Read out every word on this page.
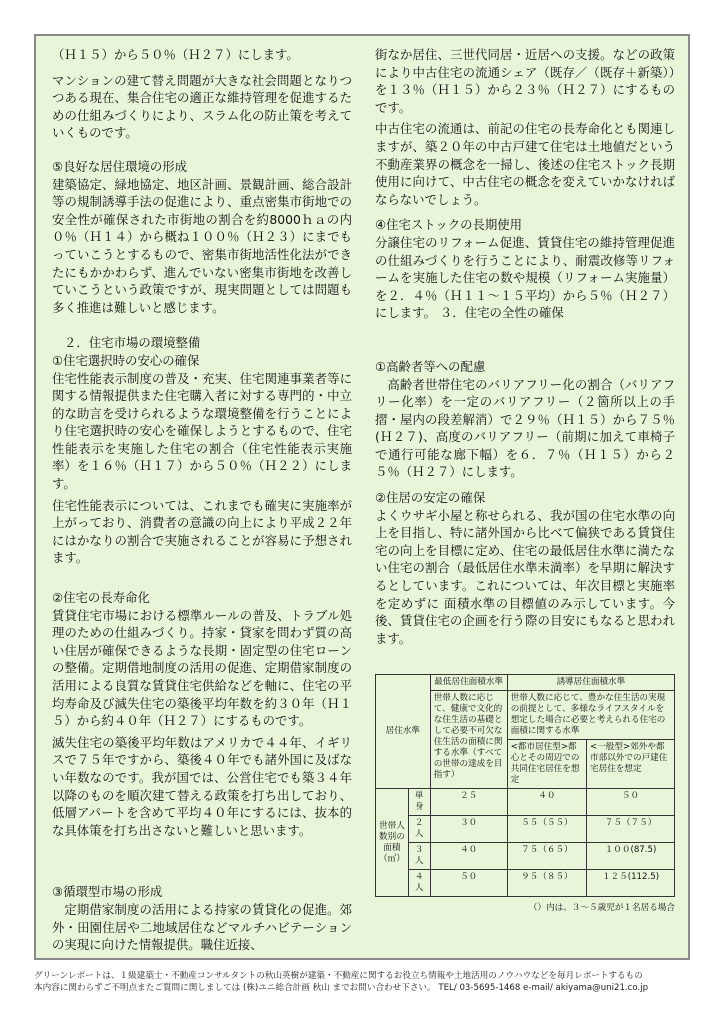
（Ｈ１５）から５０％（Ｈ２７）にします。

マンションの建て替え問題が大きな社会問題となりつつある現在、集合住宅の適正な維持管理を促進するための仕組みづくりにより、スラム化の防止策を考えていくものです。

⑤良好な居住環境の形成

建築協定、緑地協定、地区計画、景観計画、総合設計等の規制誘導手法の促進により、重点密集市街地での安全性が確保された市街地の割合を約8000ｈａの内０％（Ｈ１４）から概ね１００％（Ｈ２３）にまでもっていこうとするもので、密集市街地活性化法ができたにもかかわらず、進んでいない密集市街地を改善していこうという政策ですが、現実問題としては問題も多く推進は難しいと感じます。

２．住宅市場の環境整備
①住宅選択時の安心の確保

住宅性能表示制度の普及・充実、住宅関連事業者等に関する情報提供また住宅購入者に対する専門的・中立的な助言を受けられるような環境整備を行うことにより住宅選択時の安心を確保しようとするもので、住宅性能表示を実施した住宅の割合（住宅性能表示実施率）を１６％（Ｈ１７）から５０％（Ｈ２２）にします。

住宅性能表示については、これまでも確実に実施率が上がっており、消費者の意識の向上により平成２２年にはかなりの割合で実施されることが容易に予想されます。

②住宅の長寿命化

賃貸住宅市場における標準ルールの普及、トラブル処理のための仕組みづくり。持家・貸家を問わず質の高い住居が確保できるような長期・固定型の住宅ローンの整備。定期借地制度の活用の促進、定期借家制度の活用による良質な賃貸住宅供給などを軸に、住宅の平均寿命及び滅失住宅の築後平均年数を約３０年（Ｈ１５）から約４０年（Ｈ２７）にするものです。

滅失住宅の築後平均年数はアメリカで４４年、イギリスで７５年ですから、築後４０年でも諸外国に及ばない年数なのです。我が国では、公営住宅でも築３４年以降のものを順次建て替える政策を打ち出しており、低層アパートを含めて平均４０年にするには、抜本的な具体策を打ち出さないと難しいと思います。

③循環型市場の形成

定期借家制度の活用による持家の賃貸化の促進。郊外・田園住居や二地域居住などマルチハビテーションの実現に向けた情報提供。職住近接、

街なか居住、三世代同居・近居への支援。などの政策により中古住宅の流通シェア（既存／（既存＋新築））を１３％（Ｈ１５）から２３％（Ｈ２７）にするものです。

中古住宅の流通は、前記の住宅の長寿命化とも関連しますが、築２０年の中古戸建て住宅は土地値だという不動産業界の概念を一掃し、後述の住宅ストック長期使用に向けて、中古住宅の概念を変えていかなければならないでしょう。

④住宅ストックの長期使用

分譲住宅のリフォーム促進、賃貸住宅の維持管理促進の仕組みづくりを行うことにより、耐震改修等リフォームを実施した住宅の数や規模（リフォーム実施量）を２．４％（Ｈ１１～１５平均）から５％（Ｈ２７）にします。 ３．住宅の全性の確保

①高齢者等への配慮

高齢者世帯住宅のバリアフリー化の割合（バリアフリー化率）を一定のバリアフリー（２箇所以上の手摺・屋内の段差解消）で２９％（Ｈ１５）から７５％(Ｈ２７)、高度のバリアフリー（前期に加えて車椅子で通行可能な廊下幅）を６．７％（Ｈ１５）から２５％（Ｈ２７）にします。

②住居の安定の確保

よくウサギ小屋と称せられる、我が国の住宅水準の向上を目指し、特に諸外国から比べて偏狭である賃貸住宅の向上を目標に定め、住宅の最低居住水準に満たない住宅の割合（最低居住水準未満率）を早期に解決するとしています。これについては、年次目標と実施率を定めずに 面積水準の目標値のみ示しています。今後、賃貸住宅の企画を行う際の目安にもなると思われます。

居住水準		最低居住面積水準	誘導居住面積水準	
		世帯人数に応じて、健康で文化的な住生活の基礎として必要不可欠な住生活の面積に関する水準（すべての世帯の達成を目指す）	世帯人数に応じて、豊かな住生活の実現の前提として、多様なライフスタイルを想定した場合に必要と考えられる住宅の面積に関する水準	
			<都市居住型>都心とその周辺での共同住宅居住を想定	<一般型>郊外や都市部以外での戸建住宅居住を想定
世帯人数別の面積（㎡）	単身	２５	４０	５０
	２人	３０	５５（５５）	７５（７５）
	３人	４０	７５（６５）	１００(87.5)
	４人	５０	９５（８５）	１２５(112.5)
（）内は、３～５歳児が１名居る場合
グリーンレポートは、１級建築士・不動産コンサルタントの秋山英樹が建築・不動産に関するお役立ち情報や土地活用のノウハウなどを毎月レポートするもの
本内容に関わらずご不明点またご質問に関しましては (株)ユニ総合計画 秋山 までお問い合わせ下さい。 TEL/ 03-5695-1468 e-mail/ akiyama@uni21.co.jp
